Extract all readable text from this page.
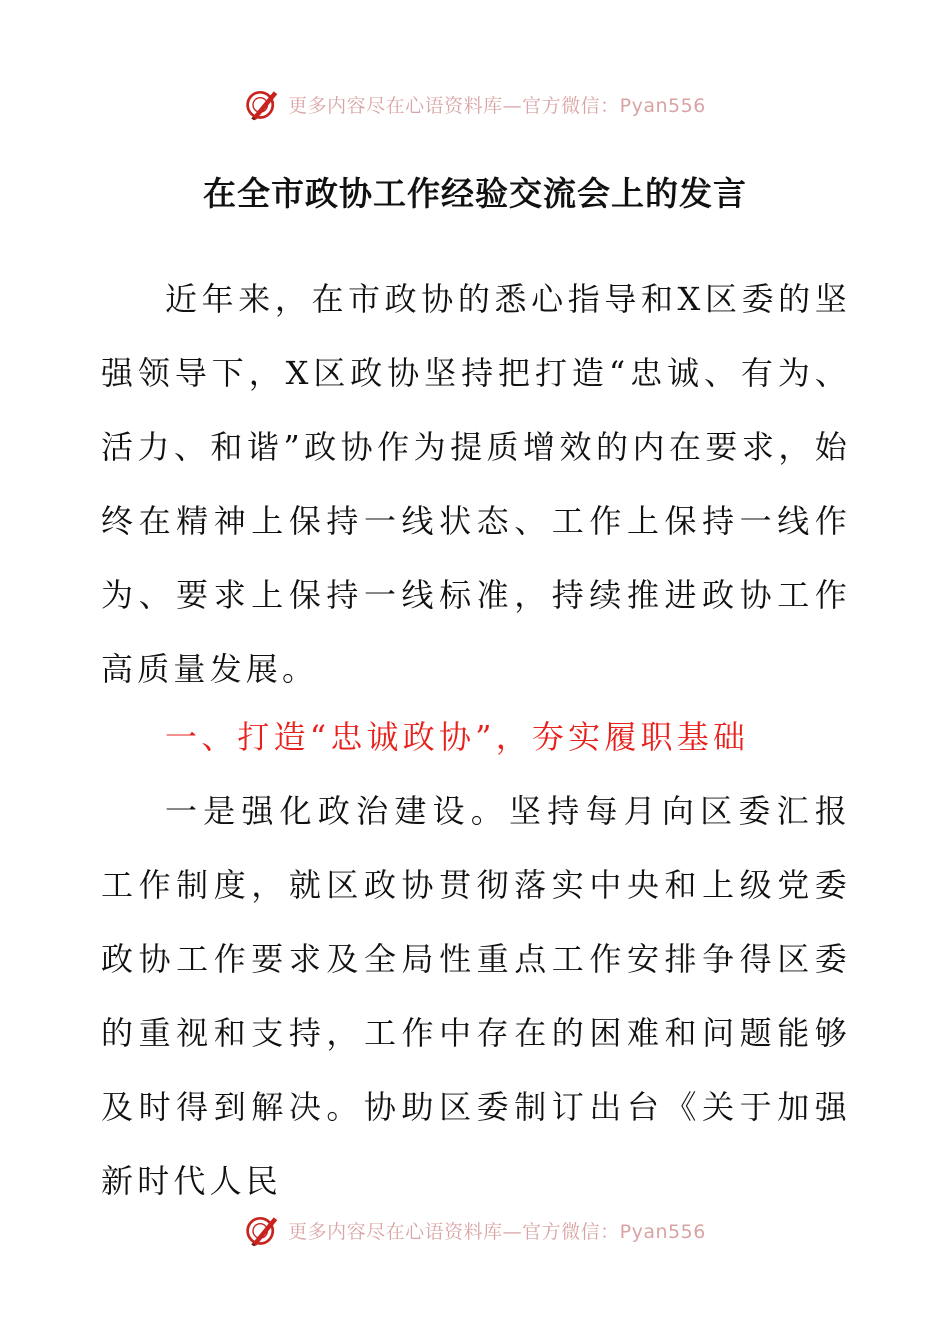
更多内容尽在心语资料库—官方微信：Pyan556
在全市政协工作经验交流会上的发言
近年来，在市政协的悉心指导和X区委的坚强领导下，X区政协坚持把打造“忠诚、有为、活力、和谐”政协作为提质增效的内在要求，始终在精神上保持一线状态、工作上保持一线作为、要求上保持一线标准，持续推进政协工作高质量发展。
一、打造“忠诚政协”，夯实履职基础
一是强化政治建设。坚持每月向区委汇报工作制度，就区政协贯彻落实中央和上级党委政协工作要求及全局性重点工作安排争得区委的重视和支持，工作中存在的困难和问题能够及时得到解决。协助区委制订出台《关于加强新时代人民
更多内容尽在心语资料库—官方微信：Pyan556
